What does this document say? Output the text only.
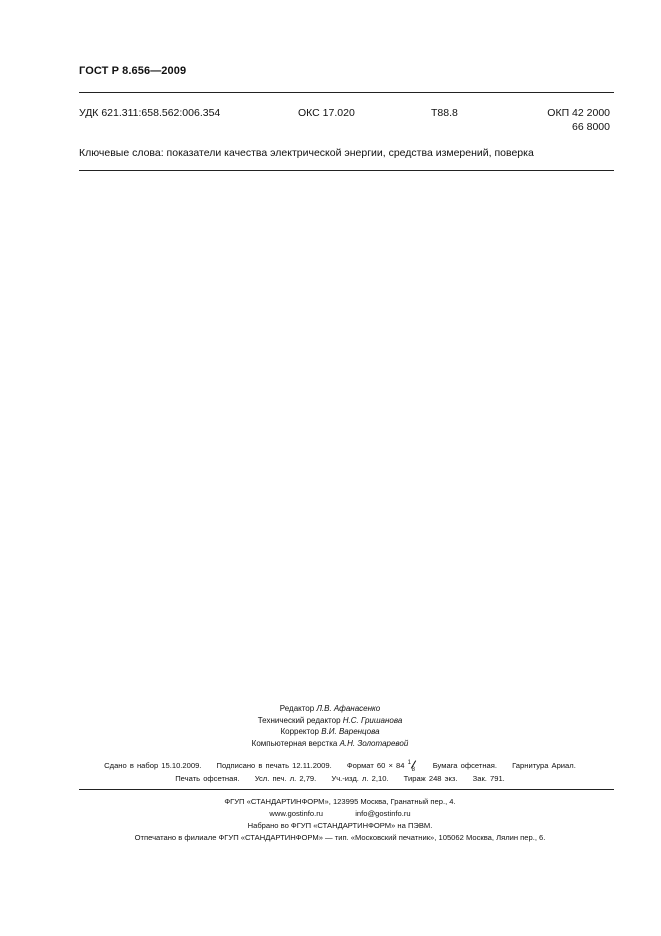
ГОСТ Р 8.656—2009
УДК 621.311:658.562:006.354	ОКС 17.020	Т88.8	ОКП 42 2000
66 8000
Ключевые слова: показатели качества электрической энергии, средства измерений, поверка
Редактор Л.В. Афанасенко
Технический редактор Н.С. Гришанова
Корректор В.И. Варенцова
Компьютерная верстка А.Н. Золотаревой
Сдано в набор 15.10.2009. Подписано в печать 12.11.2009. Формат 60 × 84 1
8 Бумага офсетная. Гарнитура Ариал.
Печать офсетная. Усл. печ. л. 2,79. Уч.-изд. л. 2,10. Тираж 248 экз. Зак. 791.
ФГУП «СТАНДАРТИНФОРМ», 123995 Москва, Гранатный пер., 4.
www.gostinfo.ru	info@gostinfo.ru
Набрано во ФГУП «СТАНДАРТИНФОРМ» на ПЭВМ.
Отпечатано в филиале ФГУП «СТАНДАРТИНФОРМ» — тип. «Московский печатник», 105062 Москва, Лялин пер., 6.
